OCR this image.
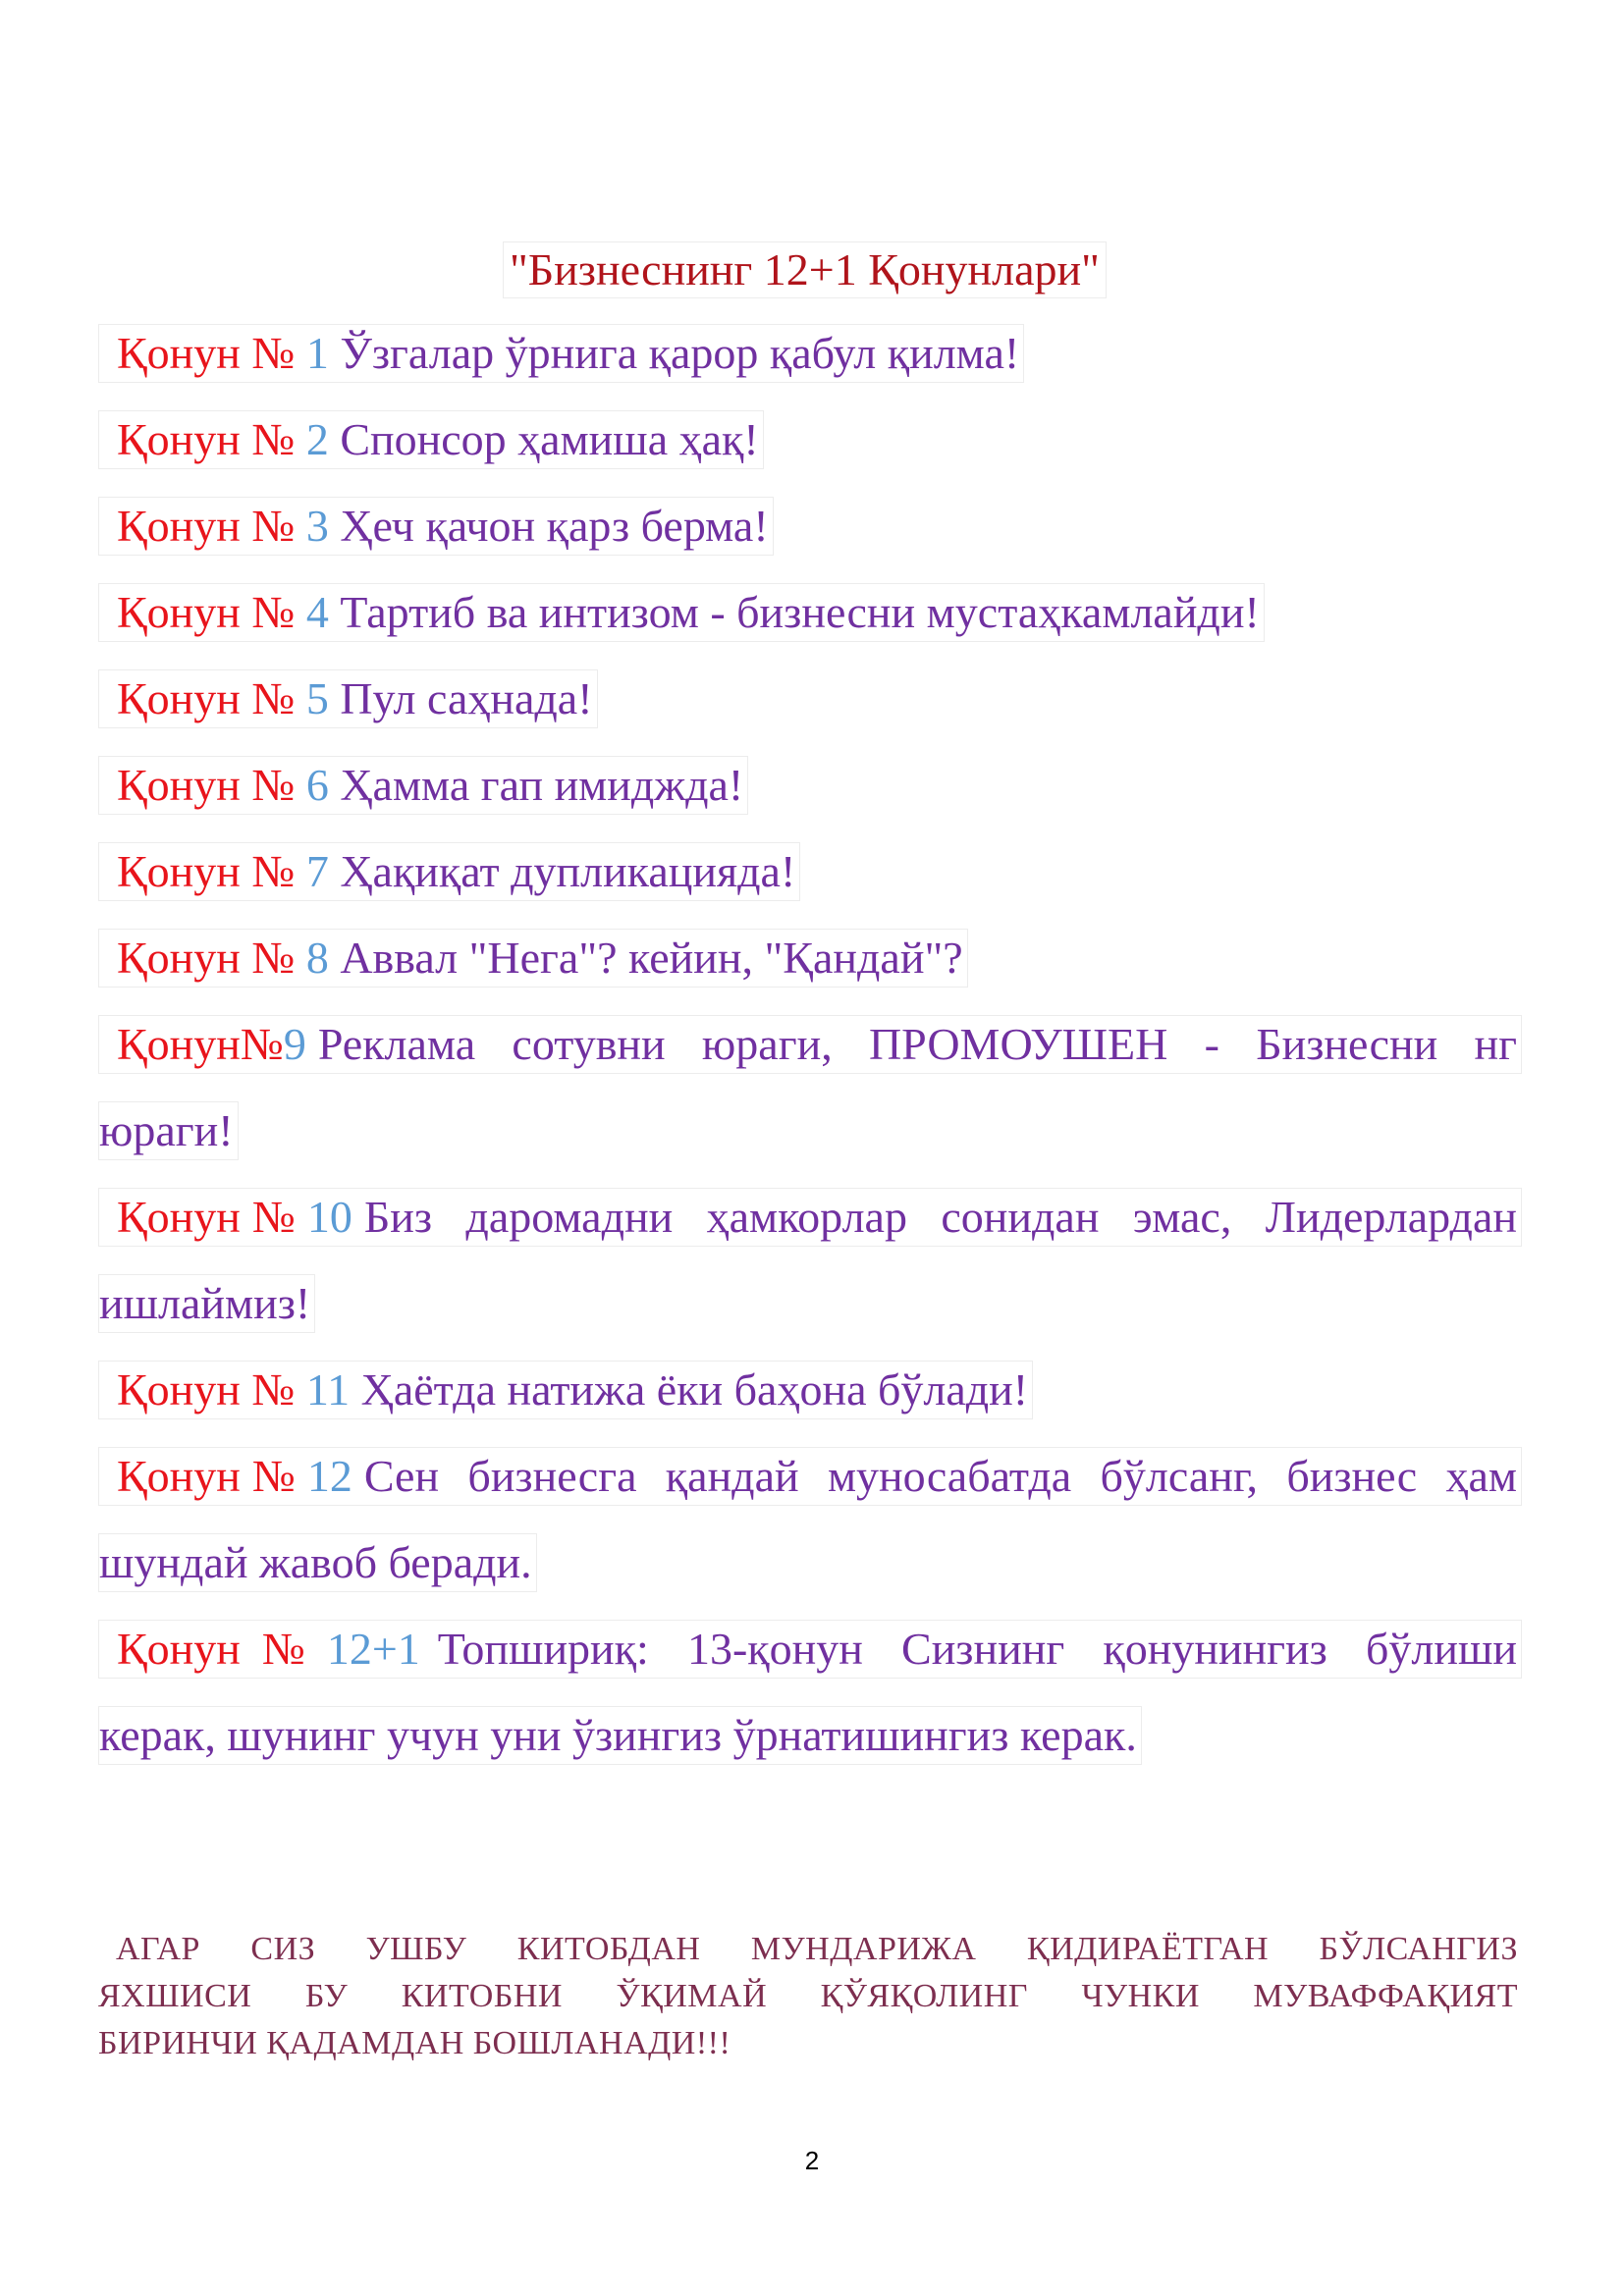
"Бизнеснинг 12+1 Қонунлари"
Қонун № 1 Ўзгалар ўрнига қарор қабул қилма!
Қонун № 2 Спонсор ҳамиша ҳақ!
Қонун № 3 Ҳеч қачон қарз берма!
Қонун № 4 Тартиб ва интизом - бизнесни мустаҳкамлайди!
Қонун № 5 Пул саҳнада!
Қонун № 6 Ҳамма гап имиджда!
Қонун № 7 Ҳақиқат дупликацияда!
Қонун № 8 Аввал "Нега"? кейин, "Қандай"?
Қонун № 9 Реклама сотувни юраги, ПРОМОУШЕН - Бизнесни нг
юраги!
Қонун № 10 Биз даромадни ҳамкорлар сонидан эмас, Лидерлардан
ишлаймиз!
Қонун № 11 Ҳаётда натижа ёки баҳона бўлади!
Қонун № 12 Сен бизнесга қандай муносабатда бўлсанг, бизнес ҳам
шундай жавоб беради.
Қонун № 12+1 Топшириқ: 13-қонун Сизнинг қонунингиз бўлиши
керак, шунинг учун уни ўзингиз ўрнатишингиз керак.
АГАР СИЗ УШБУ КИТОБДАН МУНДАРИЖА ҚИДИРАЁТГАН БЎЛСАНГИЗ
ЯХШИСИ БУ КИТОБНИ ЎҚИМАЙ ҚЎЯҚОЛИНГ ЧУНКИ МУВАФФАҚИЯТ
БИРИНЧИ ҚАДАМДАН БОШЛАНАДИ!!!
2
